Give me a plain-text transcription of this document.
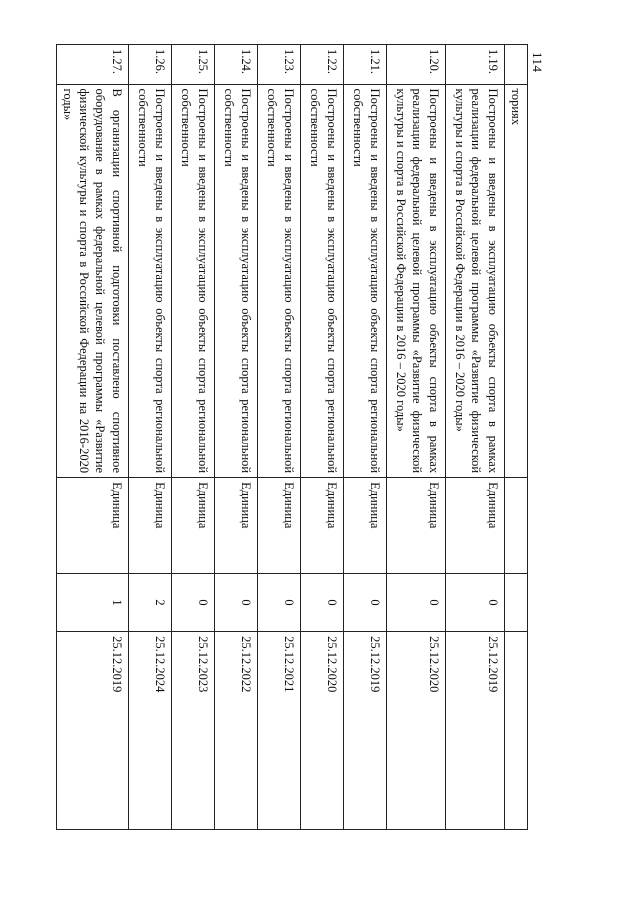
114
	ториях			
1.19.	Построены и введены в эксплуатацию объекты спорта в рамках реализации федеральной целевой программы «Развитие физической культуры и спорта в Российской Федерации в 2016 – 2020 годы»	Единица	0	25.12.2019
1.20.	Построены и введены в эксплуатацию объекты спорта в рамках реализации федеральной целевой программы «Развитие физической культуры и спорта в Российской Федерации в 2016 – 2020 годы»	Единица	0	25.12.2020
1.21.	Построены и введены в эксплуатацию объекты спорта региональной собственности	Единица	0	25.12.2019
1.22.	Построены и введены в эксплуатацию объекты спорта региональной собственности	Единица	0	25.12.2020
1.23.	Построены и введены в эксплуатацию объекты спорта региональной собственности	Единица	0	25.12.2021
1.24.	Построены и введены в эксплуатацию объекты спорта региональной собственности	Единица	0	25.12.2022
1.25.	Построены и введены в эксплуатацию объекты спорта региональной собственности	Единица	0	25.12.2023
1.26.	Построены и введены в эксплуатацию объекты спорта региональной собственности	Единица	2	25.12.2024
1.27.	В организации спортивной подготовки поставлено спортивное оборудование в рамках федеральной целевой программы «Развитие физической культуры и спорта в Российской Федерации на 2016-2020 годы»	Единица	1	25.12.2019
